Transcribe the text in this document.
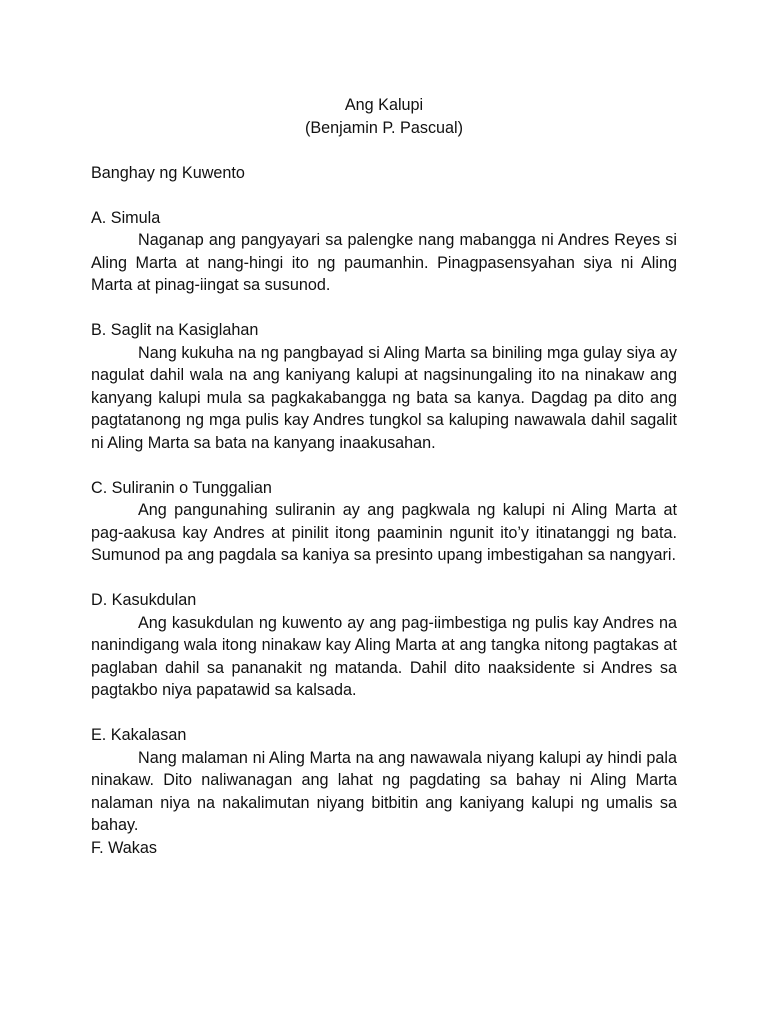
Ang Kalupi
(Benjamin P. Pascual)
Banghay ng Kuwento
A. Simula

Naganap ang pangyayari sa palengke nang mabangga ni Andres Reyes si Aling Marta at nang-hingi ito ng paumanhin. Pinagpasensyahan siya ni Aling Marta at pinag-iingat sa susunod.

B. Saglit na Kasiglahan

Nang kukuha na ng pangbayad si Aling Marta sa biniling mga gulay siya ay nagulat dahil wala na ang kaniyang kalupi at nagsinungaling ito na ninakaw ang kanyang kalupi mula sa pagkakabangga ng bata sa kanya. Dagdag pa dito ang pagtatanong ng mga pulis kay Andres tungkol sa kaluping nawawala dahil sagalit ni Aling Marta sa bata na kanyang inaakusahan.

C. Suliranin o Tunggalian

Ang pangunahing suliranin ay ang pagkwala ng kalupi ni Aling Marta at pag-aakusa kay Andres at pinilit itong paaminin ngunit ito’y itinatanggi ng bata. Sumunod pa ang pagdala sa kaniya sa presinto upang imbestigahan sa nangyari.

D. Kasukdulan

Ang kasukdulan ng kuwento ay ang pag-iimbestiga ng pulis kay Andres na nanindigang wala itong ninakaw kay Aling Marta at ang tangka nitong pagtakas at paglaban dahil sa pananakit ng matanda. Dahil dito naaksidente si Andres sa pagtakbo niya papatawid sa kalsada.

E. Kakalasan

Nang malaman ni Aling Marta na ang nawawala niyang kalupi ay hindi pala ninakaw. Dito naliwanagan ang lahat ng pagdating sa bahay ni Aling Marta nalaman niya na nakalimutan niyang bitbitin ang kaniyang kalupi ng umalis sa bahay.

F. Wakas
